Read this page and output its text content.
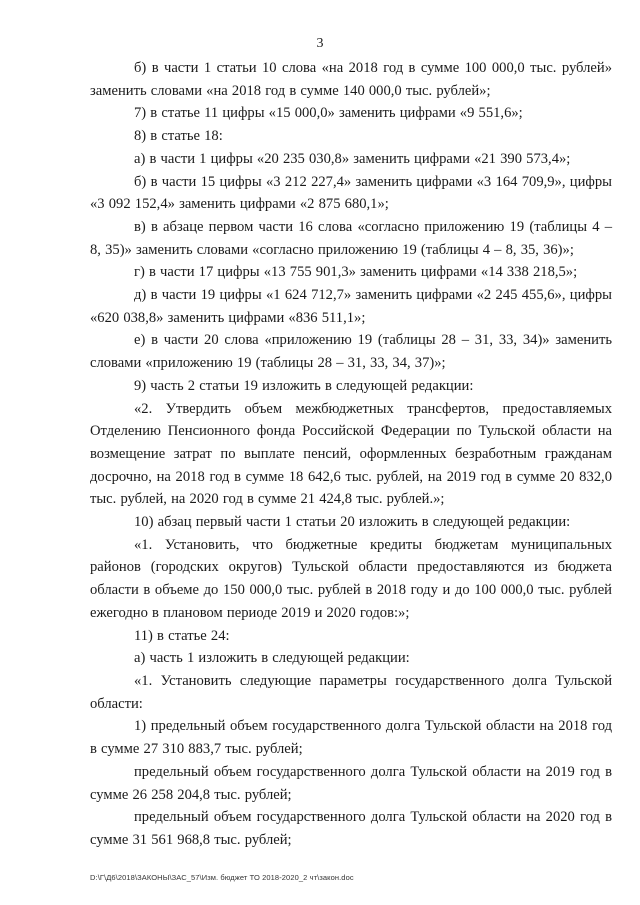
3

б) в части 1 статьи 10 слова «на 2018 год в сумме 100 000,0 тыс. рублей» заменить словами «на 2018 год в сумме 140 000,0 тыс. рублей»;

7) в статье 11 цифры «15 000,0» заменить цифрами «9 551,6»;

8) в статье 18:

а) в части 1 цифры «20 235 030,8» заменить цифрами «21 390 573,4»;

б) в части 15 цифры «3 212 227,4» заменить цифрами «3 164 709,9», цифры «3 092 152,4» заменить цифрами «2 875 680,1»;

в) в абзаце первом части 16 слова «согласно приложению 19 (таблицы 4 – 8, 35)» заменить словами «согласно приложению 19 (таблицы 4 – 8, 35, 36)»;

г) в части 17 цифры «13 755 901,3» заменить цифрами «14 338 218,5»;

д) в части 19 цифры «1 624 712,7» заменить цифрами «2 245 455,6», цифры «620 038,8» заменить цифрами «836 511,1»;

е) в части 20 слова «приложению 19 (таблицы 28 – 31, 33, 34)» заменить словами «приложению 19 (таблицы 28 – 31, 33, 34, 37)»;

9) часть 2 статьи 19 изложить в следующей редакции:

«2. Утвердить объем межбюджетных трансфертов, предоставляемых Отделению Пенсионного фонда Российской Федерации по Тульской области на возмещение затрат по выплате пенсий, оформленных безработным гражданам досрочно, на 2018 год в сумме 18 642,6 тыс. рублей, на 2019 год в сумме 20 832,0 тыс. рублей, на 2020 год в сумме 21 424,8 тыс. рублей.»;

10) абзац первый части 1 статьи 20 изложить в следующей редакции:

«1. Установить, что бюджетные кредиты бюджетам муниципальных районов (городских округов) Тульской области предоставляются из бюджета области в объеме до 150 000,0 тыс. рублей в 2018 году и до 100 000,0 тыс. рублей ежегодно в плановом периоде 2019 и 2020 годов:»;

11) в статье 24:

а) часть 1 изложить в следующей редакции:

«1. Установить следующие параметры государственного долга Тульской области:

1) предельный объем государственного долга Тульской области на 2018 год в сумме 27 310 883,7 тыс. рублей;

предельный объем государственного долга Тульской области на 2019 год в сумме 26 258 204,8 тыс. рублей;

предельный объем государственного долга Тульской области на 2020 год в сумме 31 561 968,8 тыс. рублей;

D:\Г\Д6\2018\ЗАКОНЫ\ЗАС_57\Изм. бюджет ТО 2018-2020_2 чт\закон.doc
